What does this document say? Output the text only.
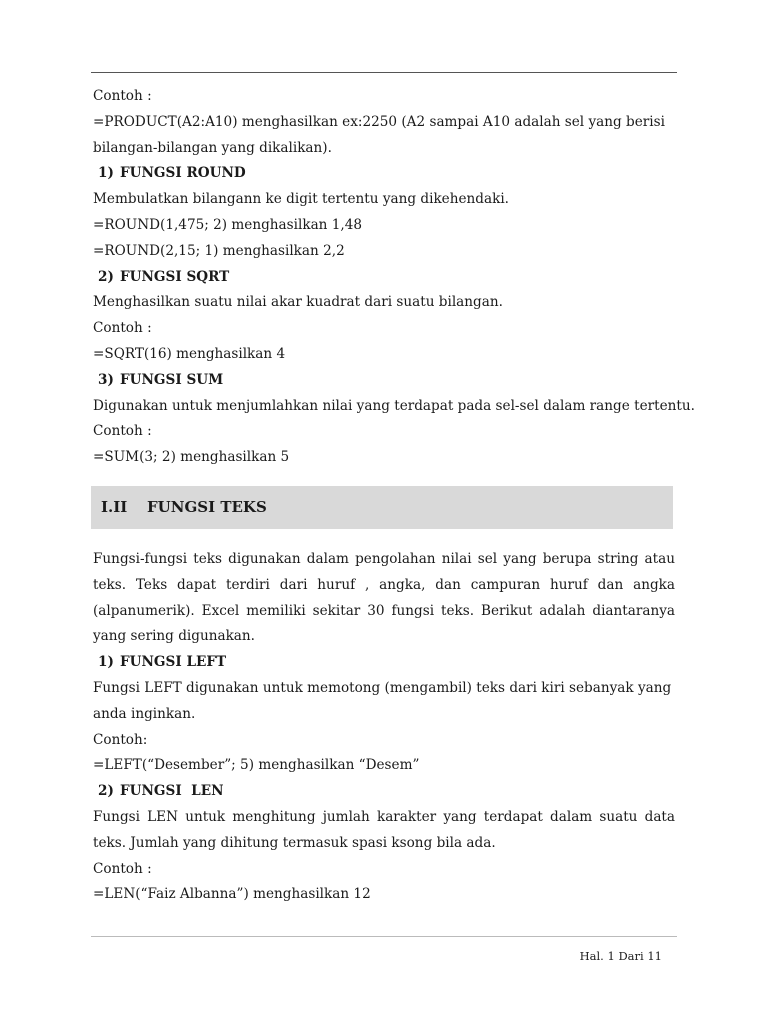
Contoh :

=PRODUCT(A2:A10) menghasilkan ex:2250 (A2 sampai A10 adalah sel yang berisi

bilangan-bilangan yang dikalikan).

1) FUNGSI ROUND

Membulatkan bilangann ke digit tertentu yang dikehendaki.

=ROUND(1,475; 2) menghasilkan 1,48

=ROUND(2,15; 1) menghasilkan 2,2

2) FUNGSI SQRT

Menghasilkan suatu nilai akar kuadrat dari suatu bilangan.

Contoh :

=SQRT(16) menghasilkan 4

3) FUNGSI SUM

Digunakan untuk menjumlahkan nilai yang terdapat pada sel-sel dalam range tertentu.

Contoh :

=SUM(3; 2) menghasilkan 5

I.II FUNGSI TEKS

Fungsi-fungsi teks digunakan dalam pengolahan nilai sel yang berupa string atau teks. Teks dapat terdiri dari huruf , angka, dan campuran huruf dan angka (alpanumerik). Excel memiliki sekitar 30 fungsi teks. Berikut adalah diantaranya yang sering digunakan.

1) FUNGSI LEFT

Fungsi LEFT digunakan untuk memotong (mengambil) teks dari kiri sebanyak yang

anda inginkan.

Contoh:

=LEFT(“Desember”; 5) menghasilkan “Desem”

2) FUNGSI  LEN

Fungsi LEN untuk menghitung jumlah karakter yang terdapat dalam suatu data teks. Jumlah yang dihitung termasuk spasi ksong bila ada.

Contoh :

=LEN(“Faiz Albanna”) menghasilkan 12

Hal. 1 Dari 11
